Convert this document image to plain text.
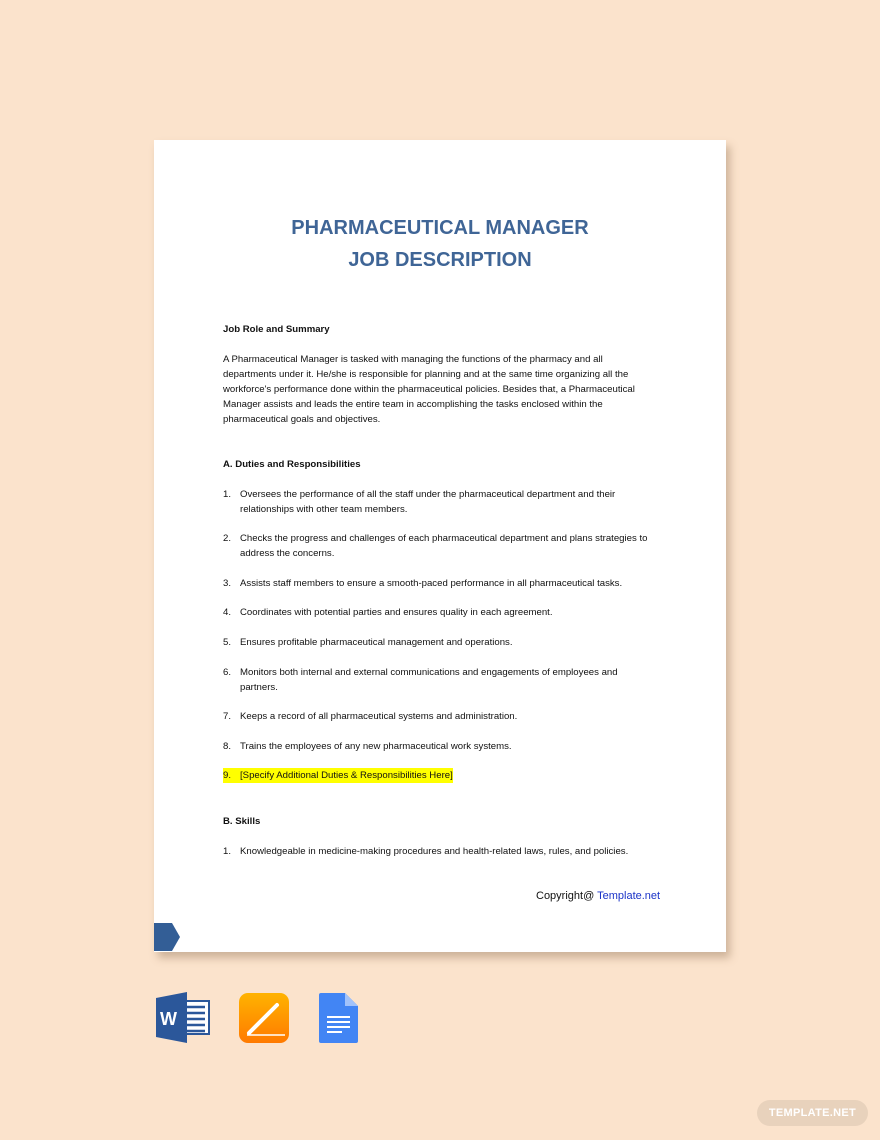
PHARMACEUTICAL MANAGER
JOB DESCRIPTION
Job Role and Summary
A Pharmaceutical Manager is tasked with managing the functions of the pharmacy and all departments under it. He/she is responsible for planning and at the same time organizing all the workforce's performance done within the pharmaceutical policies. Besides that, a Pharmaceutical Manager assists and leads the entire team in accomplishing the tasks enclosed within the pharmaceutical goals and objectives.
A. Duties and Responsibilities
1. Oversees the performance of all the staff under the pharmaceutical department and their relationships with other team members.
2. Checks the progress and challenges of each pharmaceutical department and plans strategies to address the concerns.
3. Assists staff members to ensure a smooth-paced performance in all pharmaceutical tasks.
4. Coordinates with potential parties and ensures quality in each agreement.
5. Ensures profitable pharmaceutical management and operations.
6. Monitors both internal and external communications and engagements of employees and partners.
7. Keeps a record of all pharmaceutical systems and administration.
8. Trains the employees of any new pharmaceutical work systems.
9. [Specify Additional Duties & Responsibilities Here]
B. Skills
1. Knowledgeable in medicine-making procedures and health-related laws, rules, and policies.
Copyright@ Template.net
W
TEMPLATE.NET
